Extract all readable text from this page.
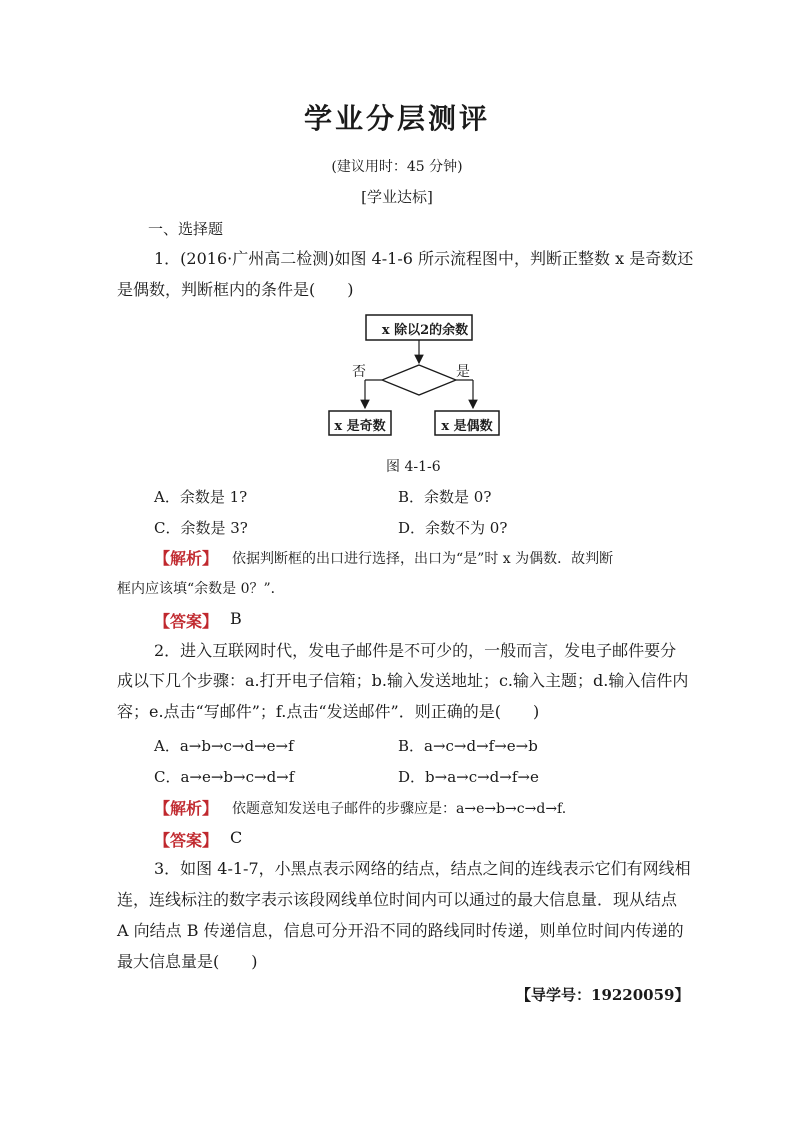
学业分层测评
(建议用时：45 分钟)
[学业达标]
一、选择题
1．(2016·广州高二检测)如图 4-1-6 所示流程图中，判断正整数 x 是奇数还
是偶数，判断框内的条件是(　　)
x 除以2的余数
否	是
x 是奇数	x 是偶数
图 4-1-6
A．余数是 1?	B．余数是 0?
C．余数是 3?	D．余数不为 0?
【解析】 依据判断框的出口进行选择，出口为“是”时 x 为偶数．故判断
框内应该填“余数是 0？”．
【答案】 B
2．进入互联网时代，发电子邮件是不可少的，一般而言，发电子邮件要分
成以下几个步骤：a.打开电子信箱；b.输入发送地址；c.输入主题；d.输入信件内
容；e.点击“写邮件”；f.点击“发送邮件”．则正确的是(　　)
A．a→b→c→d→e→f	B．a→c→d→f→e→b
C．a→e→b→c→d→f	D．b→a→c→d→f→e
【解析】 依题意知发送电子邮件的步骤应是：a→e→b→c→d→f.
【答案】 C
3．如图 4-1-7，小黑点表示网络的结点，结点之间的连线表示它们有网线相
连，连线标注的数字表示该段网线单位时间内可以通过的最大信息量．现从结点
A 向结点 B 传递信息，信息可分开沿不同的路线同时传递，则单位时间内传递的
最大信息量是(　　)
【导学号：19220059】
